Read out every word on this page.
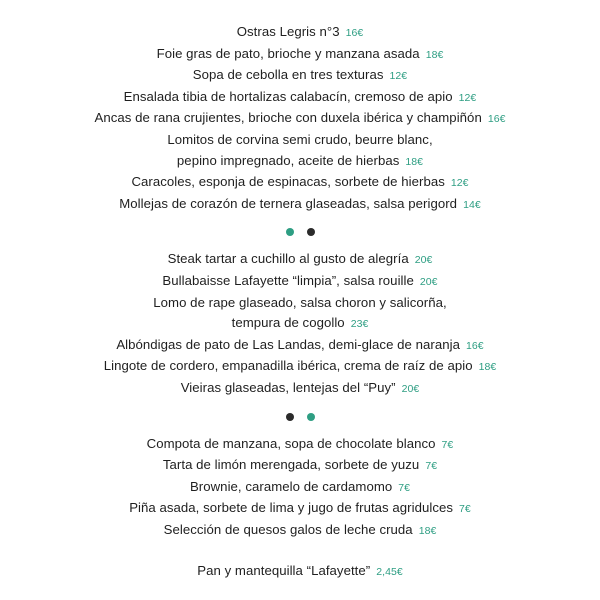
Ostras Legris n°3 16€
Foie gras de pato, brioche y manzana asada 18€
Sopa de cebolla en tres texturas 12€
Ensalada tibia de hortalizas calabacín, cremoso de apio 12€
Ancas de rana crujientes, brioche con duxela ibérica y champiñón 16€
Lomitos de corvina semi crudo, beurre blanc,
pepino impregnado, aceite de hierbas 18€
Caracoles, esponja de espinacas, sorbete de hierbas 12€
Mollejas de corazón de ternera glaseadas, salsa perigord 14€
Steak tartar a cuchillo al gusto de alegría 20€
Bullabaisse Lafayette “limpia”, salsa rouille 20€
Lomo de rape glaseado, salsa choron y salicorña,
tempura de cogollo 23€
Albóndigas de pato de Las Landas, demi-glace de naranja 16€
Lingote de cordero, empanadilla ibérica, crema de raíz de apio 18€
Vieiras glaseadas, lentejas del “Puy” 20€
Compota de manzana, sopa de chocolate blanco 7€
Tarta de limón merengada, sorbete de yuzu 7€
Brownie, caramelo de cardamomo 7€
Piña asada, sorbete de lima y jugo de frutas agridulces 7€
Selección de quesos galos de leche cruda 18€
Pan y mantequilla “Lafayette” 2,45€
